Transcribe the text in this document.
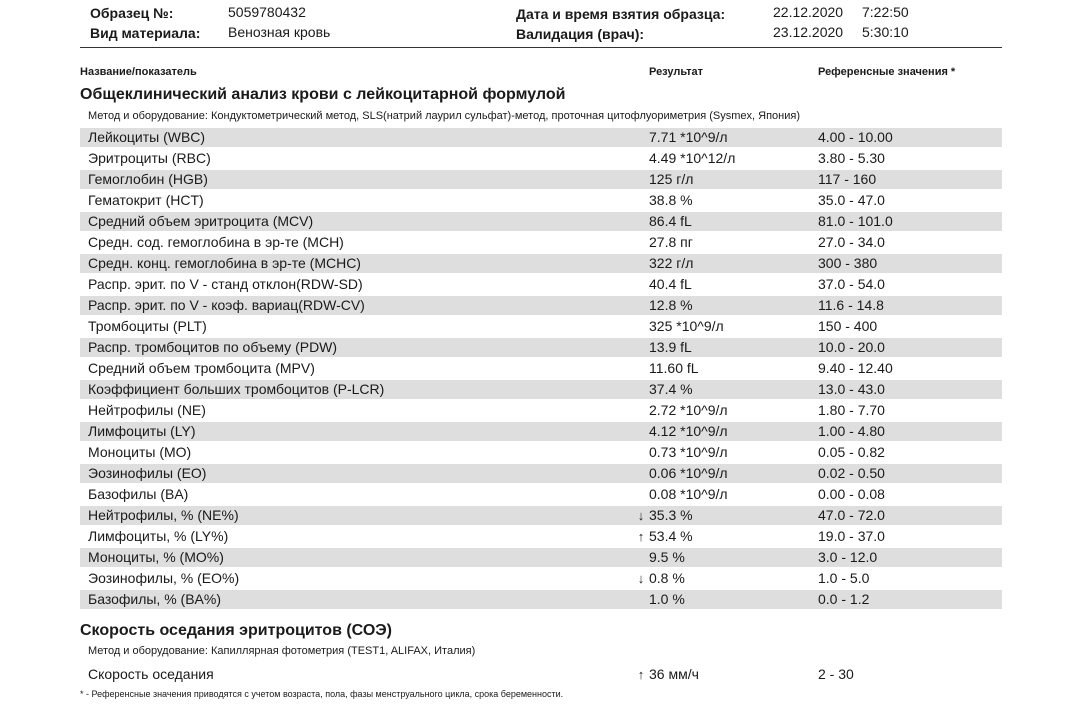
Образец №:	5059780432
Вид материала: Венозная кровь
Дата и время взятия образца:	22.12.2020 7:22:50
Валидация (врач):	23.12.2020 5:30:10
Название/показатель	Результат	Референсные значения *
Общеклинический анализ крови с лейкоцитарной формулой
Метод и оборудование: Кондуктометрический метод, SLS(натрий лаурил сульфат)-метод, проточная цитофлуориметрия (Sysmex, Япония)
Лейкоциты (WBC)	7.71 *10^9/л	4.00 - 10.00
Эритроциты (RBC)	4.49 *10^12/л	3.80 - 5.30
Гемоглобин (HGB)	125 г/л	117 - 160
Гематокрит (HCT)	38.8 %	35.0 - 47.0
Средний объем эритроцита (MCV)	86.4 fL	81.0 - 101.0
Средн. сод. гемоглобина в эр-те (MCH)	27.8 пг	27.0 - 34.0
Средн. конц. гемоглобина в эр-те (MCHC)	322 г/л	300 - 380
Распр. эрит. по V - станд отклон(RDW-SD)	40.4 fL	37.0 - 54.0
Распр. эрит. по V - коэф. вариац(RDW-CV)	12.8 %	11.6 - 14.8
Тромбоциты (PLT)	325 *10^9/л	150 - 400
Распр. тромбоцитов по объему (PDW)	13.9 fL	10.0 - 20.0
Средний объем тромбоцита (MPV)	11.60 fL	9.40 - 12.40
Коэффициент больших тромбоцитов (P-LCR)	37.4 %	13.0 - 43.0
Нейтрофилы (NE)	2.72 *10^9/л	1.80 - 7.70
Лимфоциты (LY)	4.12 *10^9/л	1.00 - 4.80
Моноциты (MO)	0.73 *10^9/л	0.05 - 0.82
Эозинофилы (EO)	0.06 *10^9/л	0.02 - 0.50
Базофилы (BA)	0.08 *10^9/л	0.00 - 0.08
Нейтрофилы, % (NE%)	↓ 35.3 %	47.0 - 72.0
Лимфоциты, % (LY%)	↑ 53.4 %	19.0 - 37.0
Моноциты, % (MO%)	9.5 %	3.0 - 12.0
Эозинофилы, % (EO%)	↓ 0.8 %	1.0 - 5.0
Базофилы, % (BA%)	1.0 %	0.0 - 1.2
Скорость оседания эритроцитов (СОЭ)
Метод и оборудование: Капиллярная фотометрия (TEST1, ALIFAX, Италия)
Скорость оседания	↑ 36 мм/ч	2 - 30
* - Референсные значения приводятся с учетом возраста, пола, фазы менструального цикла, срока беременности.
